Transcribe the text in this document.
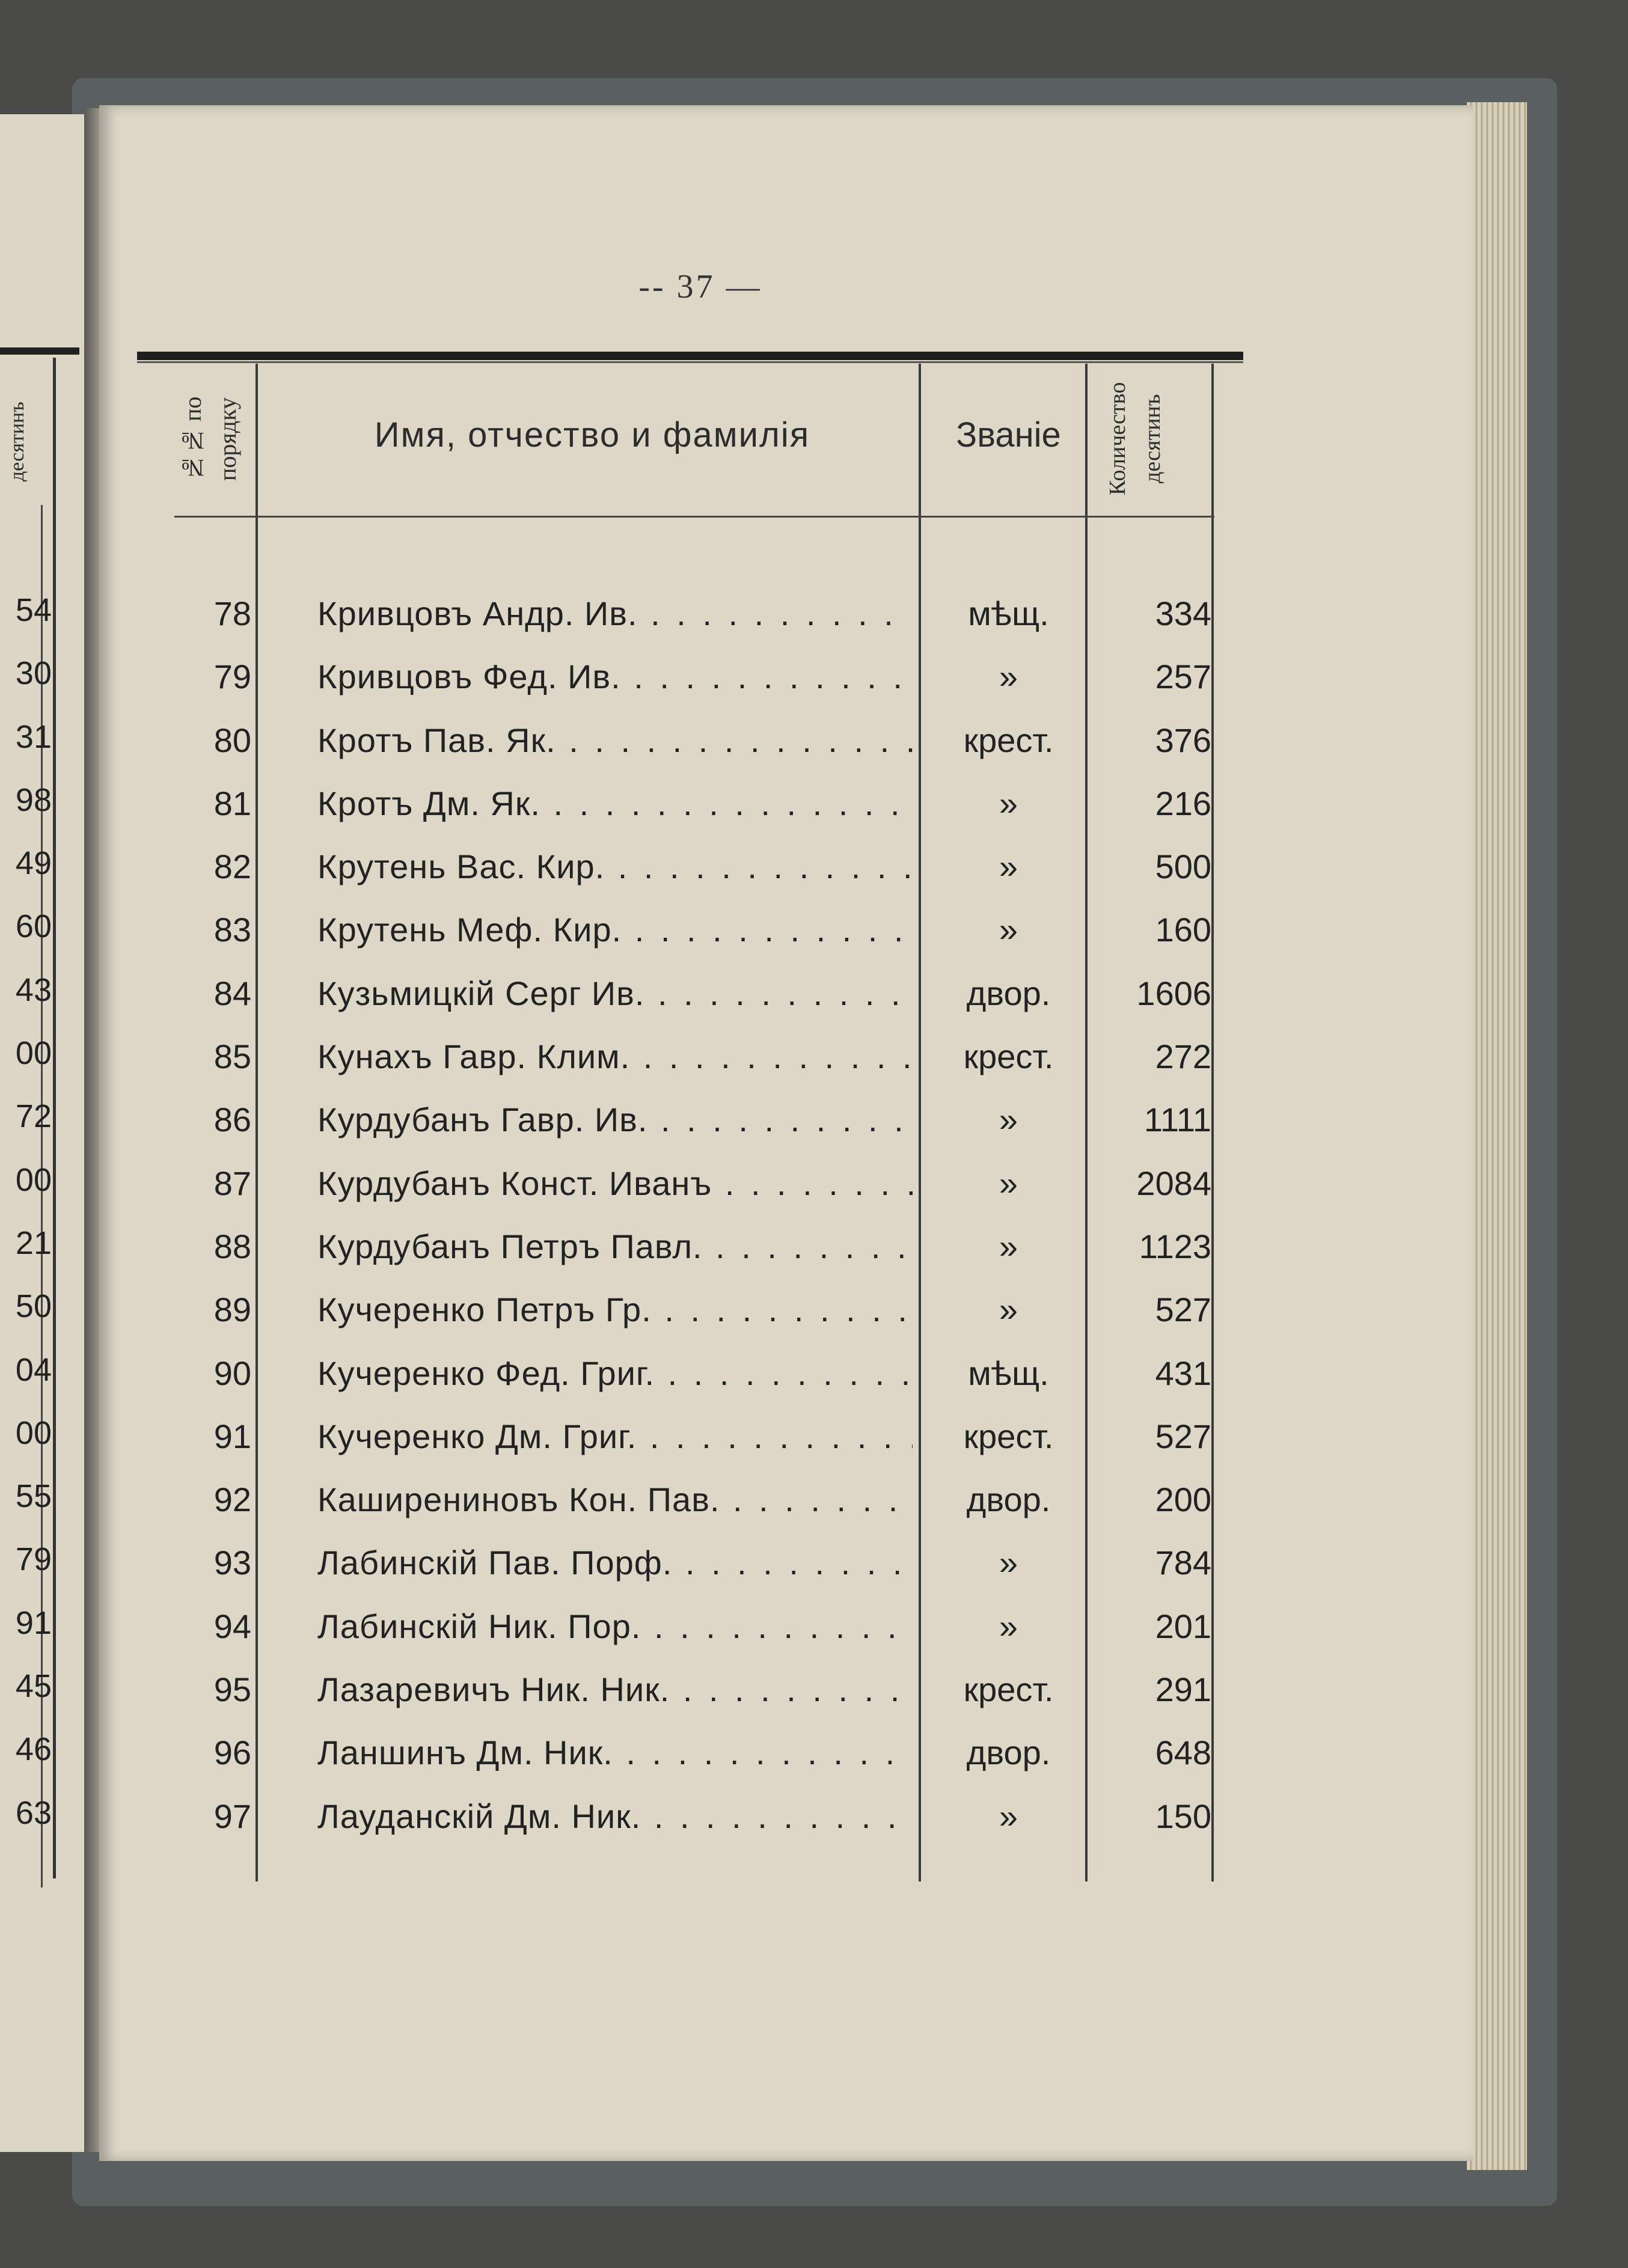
десятинъ
54
30
31
98
49
60
43
00
72
00
21
50
04
00
55
79
91
45
46
63
-- 37 —
№№ по порядку	Имя, отчество и фамилія	Званіе	Количество десятинъ
78 Кривцовъ Андр. Ив. . . .	мѣщ.	334
79 Кривцовъ Фед. Ив. . . .	»	257
80 Кротъ Пав. Як. . . .	крест.	376
81 Кротъ Дм. Як. . . .	»	216
82 Крутень Вас. Кир. . . .	»	500
83 Крутень Меф. Кир. . . .	»	160
84 Кузьмицкій Серг Ив. . . .	двор.	1606
85 Кунахъ Гавр. Клим. . . .	крест.	272
86 Курдубанъ Гавр. Ив. . . .	»	1111
87 Курдубанъ Конст. Иванъ . . .	»	2084
88 Курдубанъ Петръ Павл. . . .	»	1123
89 Кучеренко Петръ Гр. . . .	»	527
90 Кучеренко Фед. Григ. . . .	мѣщ.	431
91 Кучеренко Дм. Григ. . . .	крест.	527
92 Каширениновъ Кон. Пав. . . .	двор.	200
93 Лабинскій Пав. Порф. . . .	»	784
94 Лабинскій Ник. Пор. . . .	»	201
95 Лазаревичъ Ник. Ник. . . .	крест.	291
96 Ланшинъ Дм. Ник. . . .	двор.	648
97 Лауданскій Дм. Ник. . . .	»	150
